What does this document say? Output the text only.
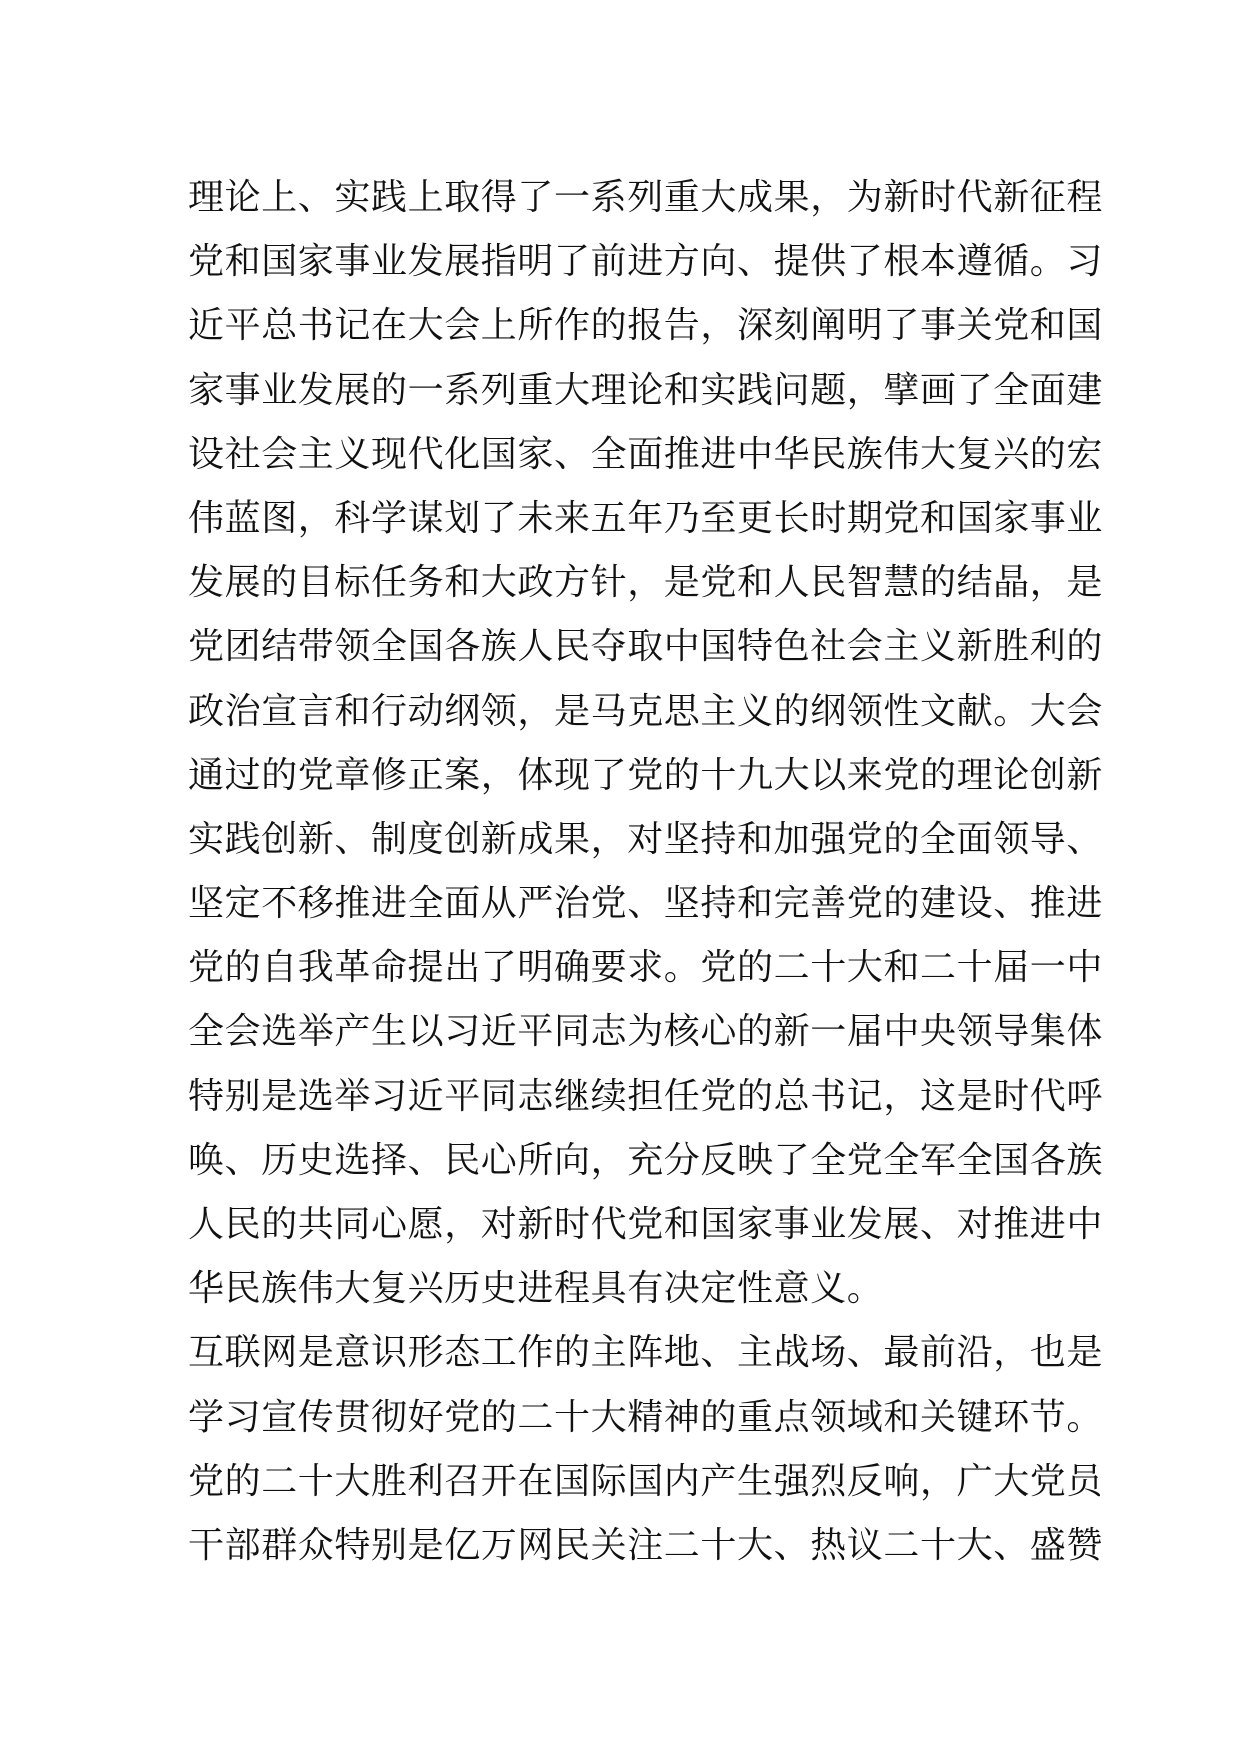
理论上、实践上取得了一系列重大成果，为新时代新征程
党和国家事业发展指明了前进方向、提供了根本遵循。习
近平总书记在大会上所作的报告，深刻阐明了事关党和国
家事业发展的一系列重大理论和实践问题，擘画了全面建
设社会主义现代化国家、全面推进中华民族伟大复兴的宏
伟蓝图，科学谋划了未来五年乃至更长时期党和国家事业
发展的目标任务和大政方针，是党和人民智慧的结晶，是
党团结带领全国各族人民夺取中国特色社会主义新胜利的
政治宣言和行动纲领，是马克思主义的纲领性文献。大会
通过的党章修正案，体现了党的十九大以来党的理论创新
实践创新、制度创新成果，对坚持和加强党的全面领导、
坚定不移推进全面从严治党、坚持和完善党的建设、推进
党的自我革命提出了明确要求。党的二十大和二十届一中
全会选举产生以习近平同志为核心的新一届中央领导集体
特别是选举习近平同志继续担任党的总书记，这是时代呼
唤、历史选择、民心所向，充分反映了全党全军全国各族
人民的共同心愿，对新时代党和国家事业发展、对推进中
华民族伟大复兴历史进程具有决定性意义。
互联网是意识形态工作的主阵地、主战场、最前沿，也是
学习宣传贯彻好党的二十大精神的重点领域和关键环节。
党的二十大胜利召开在国际国内产生强烈反响，广大党员
干部群众特别是亿万网民关注二十大、热议二十大、盛赞
